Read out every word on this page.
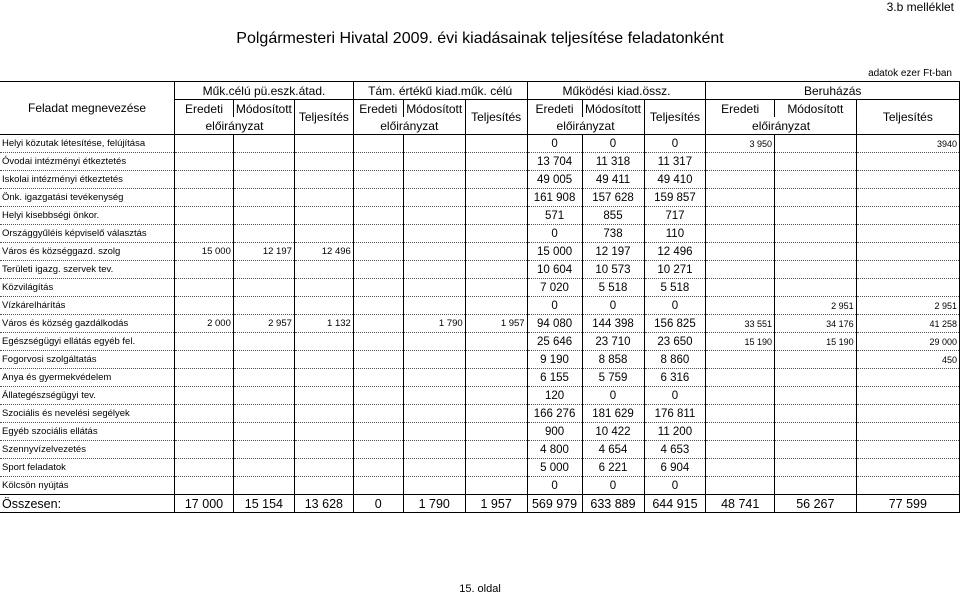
3.b melléklet
Polgármesteri Hivatal 2009. évi kiadásainak teljesítése feladatonként
adatok ezer Ft-ban
Feladat megnevezése	Műk.célú pü.eszk.átad.			Tám. értékű kiad.műk. célú			Működési kiad.össz.			Beruházás		
	Eredeti	Módosított	Teljesítés	Eredeti	Módosított	Teljesítés	Eredeti	Módosított	Teljesítés	Eredeti	Módosított	Teljesítés
	előirányzat			előirányzat			előirányzat			előirányzat		
Helyi közutak létesítése, felújítása							0	0	0	3 950		3940
Óvodai intézményi étkeztetés							13 704	11 318	11 317			
Iskolai intézményi étkeztetés							49 005	49 411	49 410			
Önk. igazgatási tevékenység							161 908	157 628	159 857			
Helyi kisebbségi önkor.							571	855	717			
Országgyűléis képviselő választás							0	738	110			
Város és községgazd. szolg	15 000	12 197	12 496				15 000	12 197	12 496			
Területi igazg. szervek tev.							10 604	10 573	10 271			
Közvilágítás							7 020	5 518	5 518			
Vízkárelhárítás							0	0	0		2 951	2 951
Város és község gazdálkodás	2 000	2 957	1 132		1 790	1 957	94 080	144 398	156 825	33 551	34 176	41 258
Egészségügyi ellátás egyéb fel.							25 646	23 710	23 650	15 190	15 190	29 000
Fogorvosi szolgáltatás							9 190	8 858	8 860			450
Anya és gyermekvédelem							6 155	5 759	6 316			
Állategészségügyi tev.							120	0	0			
Szociális és nevelési segélyek							166 276	181 629	176 811			
Egyéb szociális ellátás							900	10 422	11 200			
Szennyvízelvezetés							4 800	4 654	4 653			
Sport feladatok							5 000	6 221	6 904			
Kölcsön nyújtás							0	0	0			
Összesen:	17 000	15 154	13 628	0	1 790	1 957	569 979	633 889	644 915	48 741	56 267	77 599
15. oldal
